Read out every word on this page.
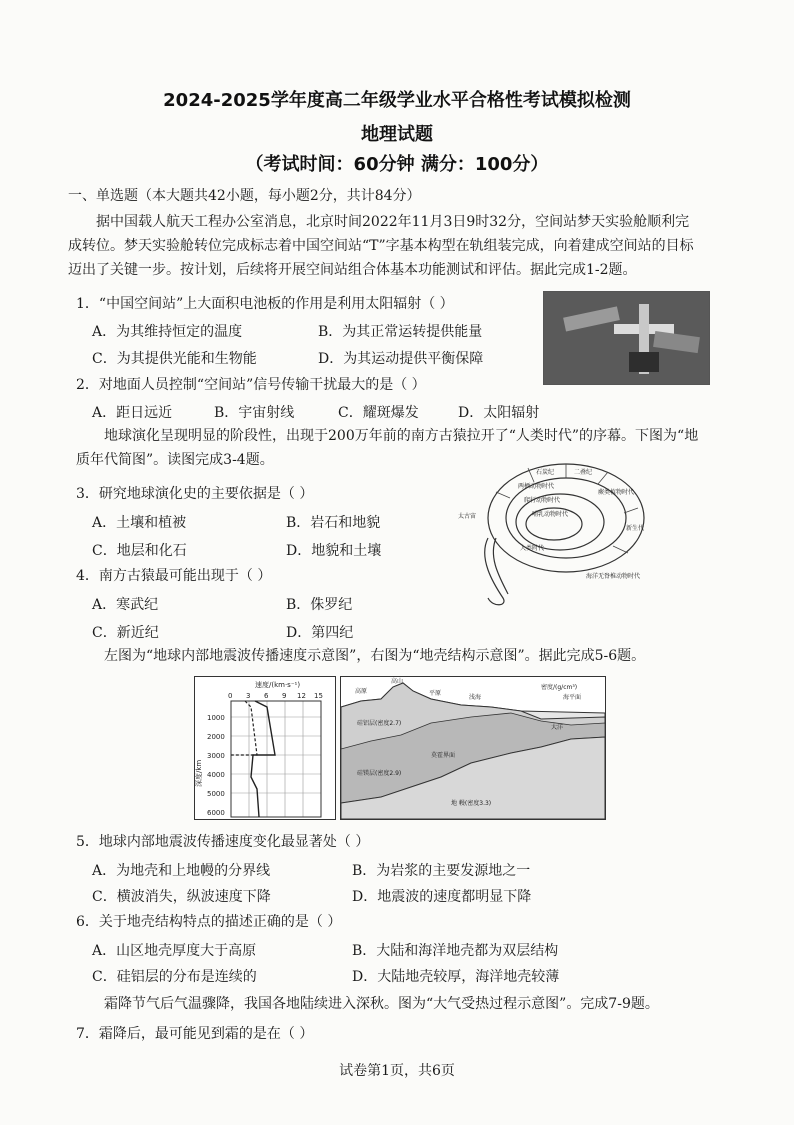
2024-2025学年度高二年级学业水平合格性考试模拟检测
地理试题
（考试时间：60分钟 满分：100分）
一、单选题（本大题共42小题，每小题2分，共计84分）
据中国载人航天工程办公室消息，北京时间2022年11月3日9时32分，空间站梦天实验舱顺利完
成转位。梦天实验舱转位完成标志着中国空间站“T”字基本构型在轨组装完成，向着建成空间站的目标
迈出了关键一步。按计划，后续将开展空间站组合体基本功能测试和评估。据此完成1-2题。
1．“中国空间站”上大面积电池板的作用是利用太阳辐射（ ）
A．为其维持恒定的温度	B．为其正常运转提供能量
C．为其提供光能和生物能	D．为其运动提供平衡保障
2．对地面人员控制“空间站”信号传输干扰最大的是（ ）
A．距日远近	B．宇宙射线	C．耀斑爆发	D．太阳辐射
地球演化呈现明显的阶段性，出现于200万年前的南方古猿拉开了“人类时代”的序幕。下图为“地
质年代简图”。读图完成3-4题。
石炭纪	二叠纪
两栖动物时代
爬行动物时代
哺乳动物时代
人类时代
海洋无脊椎动物时代
蕨类植物时代
太古宙
新生代
3．研究地球演化史的主要依据是（ ）
A．土壤和植被	B．岩石和地貌
C．地层和化石	D．地貌和土壤
4．南方古猿最可能出现于（ ）
A．寒武纪	B．侏罗纪
C．新近纪	D．第四纪
左图为“地球内部地震波传播速度示意图”，右图为“地壳结构示意图”。据此完成5-6题。
速度/(km·s⁻¹)
0 3 6 9 12 15
1000
2000
3000
4000
5000
6000
深度/km
高原
高山
平原
浅海
密度/(g/cm³)
海平面
硅铝层(密度2.7)
硅镁层(密度2.9)
莫霍界面
地 幔(密度3.3)
大洋
5．地球内部地震波传播速度变化最显著处（ ）
A．为地壳和上地幔的分界线	B．为岩浆的主要发源地之一
C．横波消失，纵波速度下降	D．地震波的速度都明显下降
6．关于地壳结构特点的描述正确的是（ ）
A．山区地壳厚度大于高原	B．大陆和海洋地壳都为双层结构
C．硅铝层的分布是连续的	D．大陆地壳较厚，海洋地壳较薄
霜降节气后气温骤降，我国各地陆续进入深秋。图为“大气受热过程示意图”。完成7-9题。
7．霜降后，最可能见到霜的是在（ ）
试卷第1页，共6页
